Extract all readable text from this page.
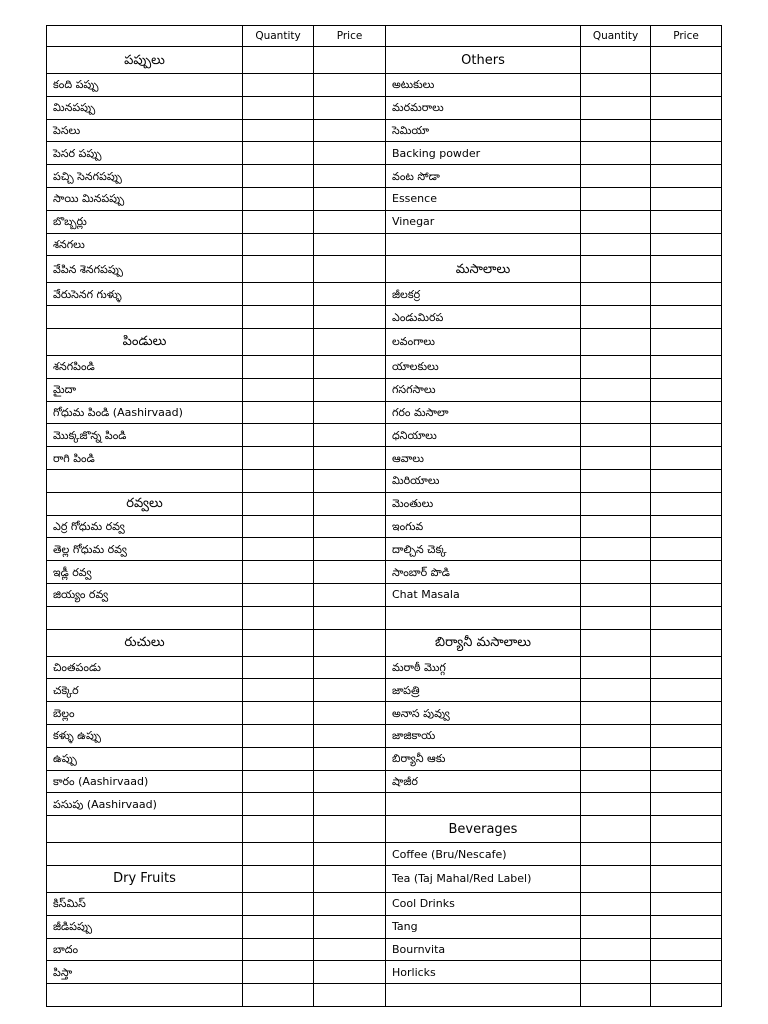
	Quantity	Price		Quantity	Price
పప్పులు			Others		
కంది పప్పు			అటుకులు		
మినపప్పు			మరమరాలు		
పెసలు			సెమియా		
పెసర పప్పు			Backing powder		
పచ్చి సెనగపప్పు			వంట సోడా		
సాయి మినపప్పు			Essence		
బొబ్బర్లు			Vinegar		
శనగలు					
వేపిన శెనగపప్పు			మసాలాలు		
వేరుసెనగ గుళ్ళు			జీలకర్ర		
			ఎండుమిరప		
పిండులు			లవంగాలు		
శనగపిండి			యాలకులు		
మైదా			గసగసాలు		
గోధుమ పిండి (Aashirvaad)			గరం మసాలా		
మొక్కజొన్న పిండి			ధనియాలు		
రాగి పిండి			ఆవాలు		
			మిరియాలు		
రవ్వలు			మెంతులు		
ఎర్ర గోధుమ రవ్వ			ఇంగువ		
తెల్ల గోధుమ రవ్వ			దాల్చిన చెక్క		
ఇడ్లీ రవ్వ			సాంబార్ పొడి		
జియ్యం రవ్వ			Chat Masala		

రుచులు			బిర్యానీ మసాలాలు		
చింతపండు			మరాఠీ మొగ్గ		
చక్కెర			జాపత్రి		
బెల్లం			అనాస పువ్వు		
కళ్ళు ఉప్పు			జాజికాయ		
ఉప్పు			బిర్యానీ ఆకు		
కారం (Aashirvaad)			షాజీర		
పసుపు (Aashirvaad)					
			Beverages		
			Coffee (Bru/Nescafe)		
Dry Fruits			Tea (Taj Mahal/Red Label)		
కిస్‌మిస్			Cool Drinks		
జీడిపప్పు			Tang		
బాదం			Bournvita		
పిస్తా			Horlicks		
